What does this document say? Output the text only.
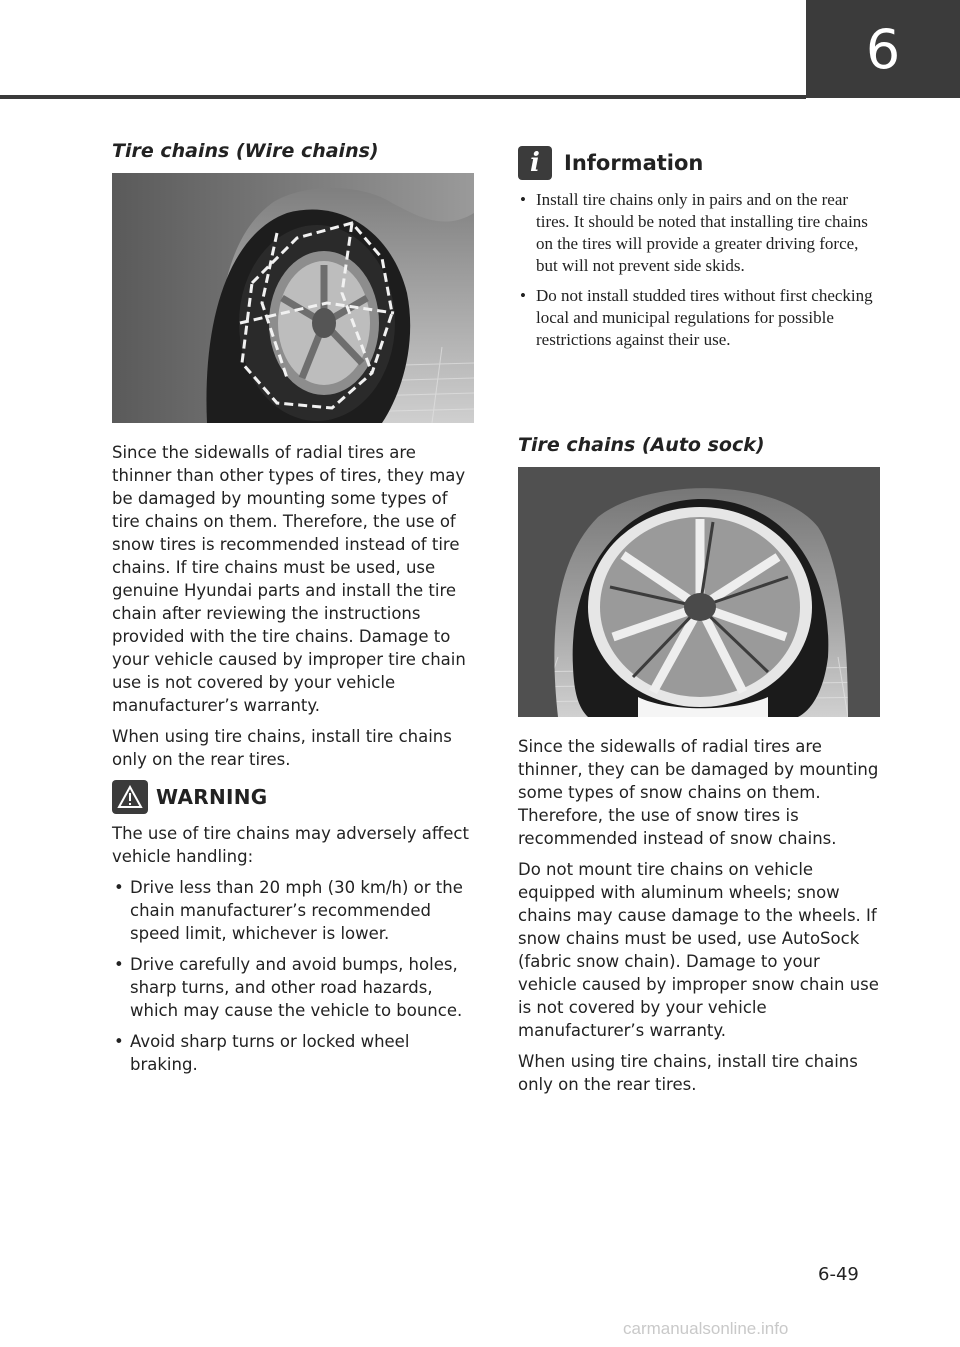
6
Tire chains (Wire chains)

Since the sidewalls of radial tires are thinner than other types of tires, they may be damaged by mounting some types of tire chains on them. Therefore, the use of snow tires is recommended instead of tire chains. If tire chains must be used, use genuine Hyundai parts and install the tire chain after reviewing the instructions provided with the tire chains. Damage to your vehicle caused by improper tire chain use is not covered by your vehicle manufacturer’s warranty.

When using tire chains, install tire chains only on the rear tires.

WARNING

The use of tire chains may adversely affect vehicle handling:

• Drive less than 20 mph (30 km/h) or the chain manufacturer’s recommended speed limit, whichever is lower.
• Drive carefully and avoid bumps, holes, sharp turns, and other road hazards, which may cause the vehicle to bounce.
• Avoid sharp turns or locked wheel braking.
i	Information
• Install tire chains only in pairs and on the rear tires. It should be noted that installing tire chains on the tires will provide a greater driving force, but will not prevent side skids.
• Do not install studded tires without first checking local and municipal regulations for possible restrictions against their use.
Tire chains (Auto sock)

Since the sidewalls of radial tires are thinner, they can be damaged by mounting some types of snow chains on them. Therefore, the use of snow tires is recommended instead of snow chains.

Do not mount tire chains on vehicle equipped with aluminum wheels; snow chains may cause damage to the wheels. If snow chains must be used, use AutoSock (fabric snow chain). Damage to your vehicle caused by improper snow chain use is not covered by your vehicle manufacturer’s warranty.

When using tire chains, install tire chains only on the rear tires.

6-49
carmanualsonline.info
